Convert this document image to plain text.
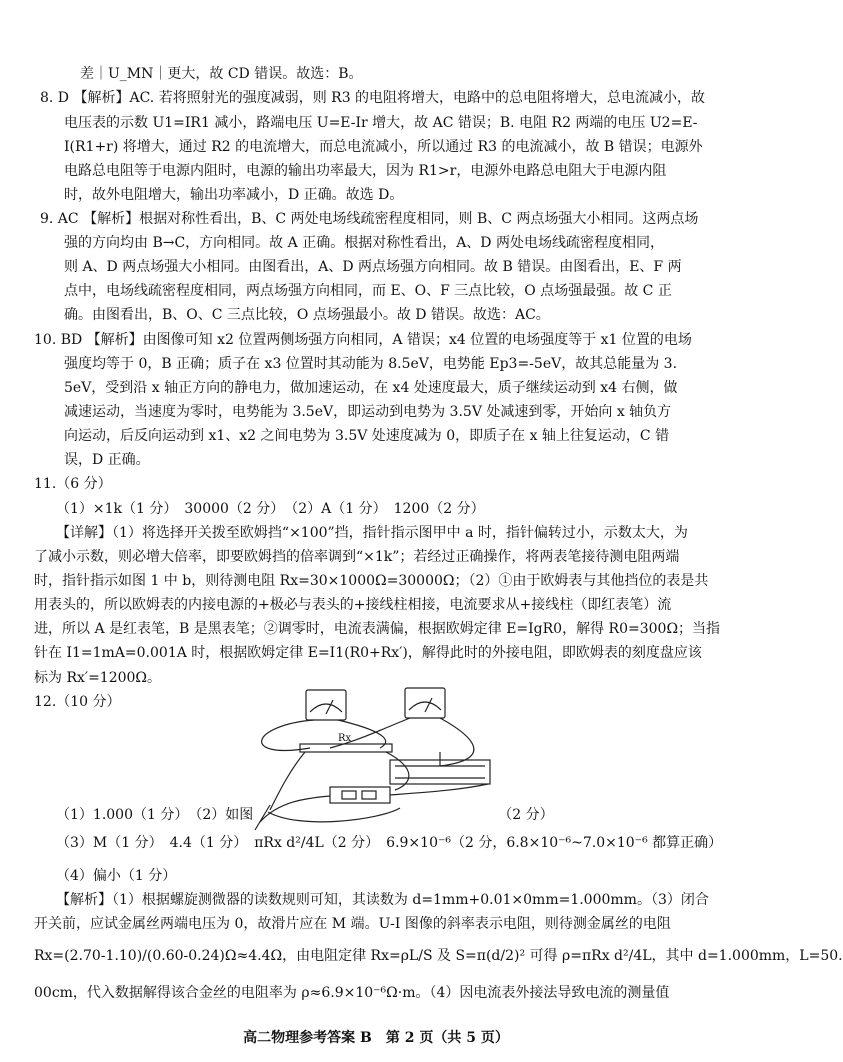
差｜U_MN｜更大，故 CD 错误。故选：B。
8. D 【解析】AC. 若将照射光的强度减弱，则 R3 的电阻将增大，电路中的总电阻将增大，总电流减小，故
电压表的示数 U1=IR1 减小，路端电压 U=E-Ir 增大，故 AC 错误；B. 电阻 R2 两端的电压 U2=E-
I(R1+r) 将增大，通过 R2 的电流增大，而总电流减小，所以通过 R3 的电流减小，故 B 错误；电源外
电路总电阻等于电源内阻时，电源的输出功率最大，因为 R1>r，电源外电路总电阻大于电源内阻
时，故外电阻增大，输出功率减小，D 正确。故选 D。
9. AC 【解析】根据对称性看出，B、C 两处电场线疏密程度相同，则 B、C 两点场强大小相同。这两点场
强的方向均由 B→C，方向相同。故 A 正确。根据对称性看出，A、D 两处电场线疏密程度相同，
则 A、D 两点场强大小相同。由图看出，A、D 两点场强方向相同。故 B 错误。由图看出，E、F 两
点中，电场线疏密程度相同，两点场强方向相同，而 E、O、F 三点比较，O 点场强最强。故 C 正
确。由图看出，B、O、C 三点比较，O 点场强最小。故 D 错误。故选：AC。
10. BD 【解析】由图像可知 x2 位置两侧场强方向相同，A 错误；x4 位置的电场强度等于 x1 位置的电场
强度均等于 0，B 正确；质子在 x3 位置时其动能为 8.5eV，电势能 Ep3=-5eV，故其总能量为 3.
5eV，受到沿 x 轴正方向的静电力，做加速运动，在 x4 处速度最大，质子继续运动到 x4 右侧，做
减速运动，当速度为零时，电势能为 3.5eV，即运动到电势为 3.5V 处减速到零，开始向 x 轴负方
向运动，后反向运动到 x1、x2 之间电势为 3.5V 处速度减为 0，即质子在 x 轴上往复运动，C 错
误，D 正确。
11.（6 分）
（1）×1k（1 分）　30000（2 分）　（2）A（1 分）　1200（2 分）
【详解】（1）将选择开关拨至欧姆挡“×100”挡，指针指示图甲中 a 时，指针偏转过小，示数太大，为
了减小示数，则必增大倍率，即要欧姆挡的倍率调到“×1k”；若经过正确操作，将两表笔接待测电阻两端
时，指针指示如图 1 中 b，则待测电阻 Rx=30×1000Ω=30000Ω；（2）①由于欧姆表与其他挡位的表是共
用表头的，所以欧姆表的内接电源的+极必与表头的+接线柱相接，电流要求从+接线柱（即红表笔）流
进，所以 A 是红表笔，B 是黑表笔；②调零时，电流表满偏，根据欧姆定律 E=IgR0，解得 R0=300Ω；当指
针在 I1=1mA=0.001A 时，根据欧姆定律 E=I1(R0+Rx′)，解得此时的外接电阻，即欧姆表的刻度盘应该
标为 Rx′=1200Ω。
12.（10 分）
Rx
（1）1.000（1 分）　（2）如图　　　　　　　　　　　　　　　　　　（2 分）
（3）M（1 分）　4.4（1 分）　πRx d²/4L（2 分）　6.9×10⁻⁶（2 分，6.8×10⁻⁶~7.0×10⁻⁶ 都算正确）
（4）偏小（1 分）
【解析】（1）根据螺旋测微器的读数规则可知，其读数为 d=1mm+0.01×0mm=1.000mm。（3）闭合
开关前，应试金属丝两端电压为 0，故滑片应在 M 端。U-I 图像的斜率表示电阻，则待测金属丝的电阻
Rx=(2.70-1.10)/(0.60-0.24)Ω≈4.4Ω，由电阻定律 Rx=ρL/S 及 S=π(d/2)² 可得 ρ=πRx d²/4L，其中 d=1.000mm，L=50.
00cm，代入数据解得该合金丝的电阻率为 ρ≈6.9×10⁻⁶Ω·m。（4）因电流表外接法导致电流的测量值
高二物理参考答案 B　第 2 页（共 5 页）
